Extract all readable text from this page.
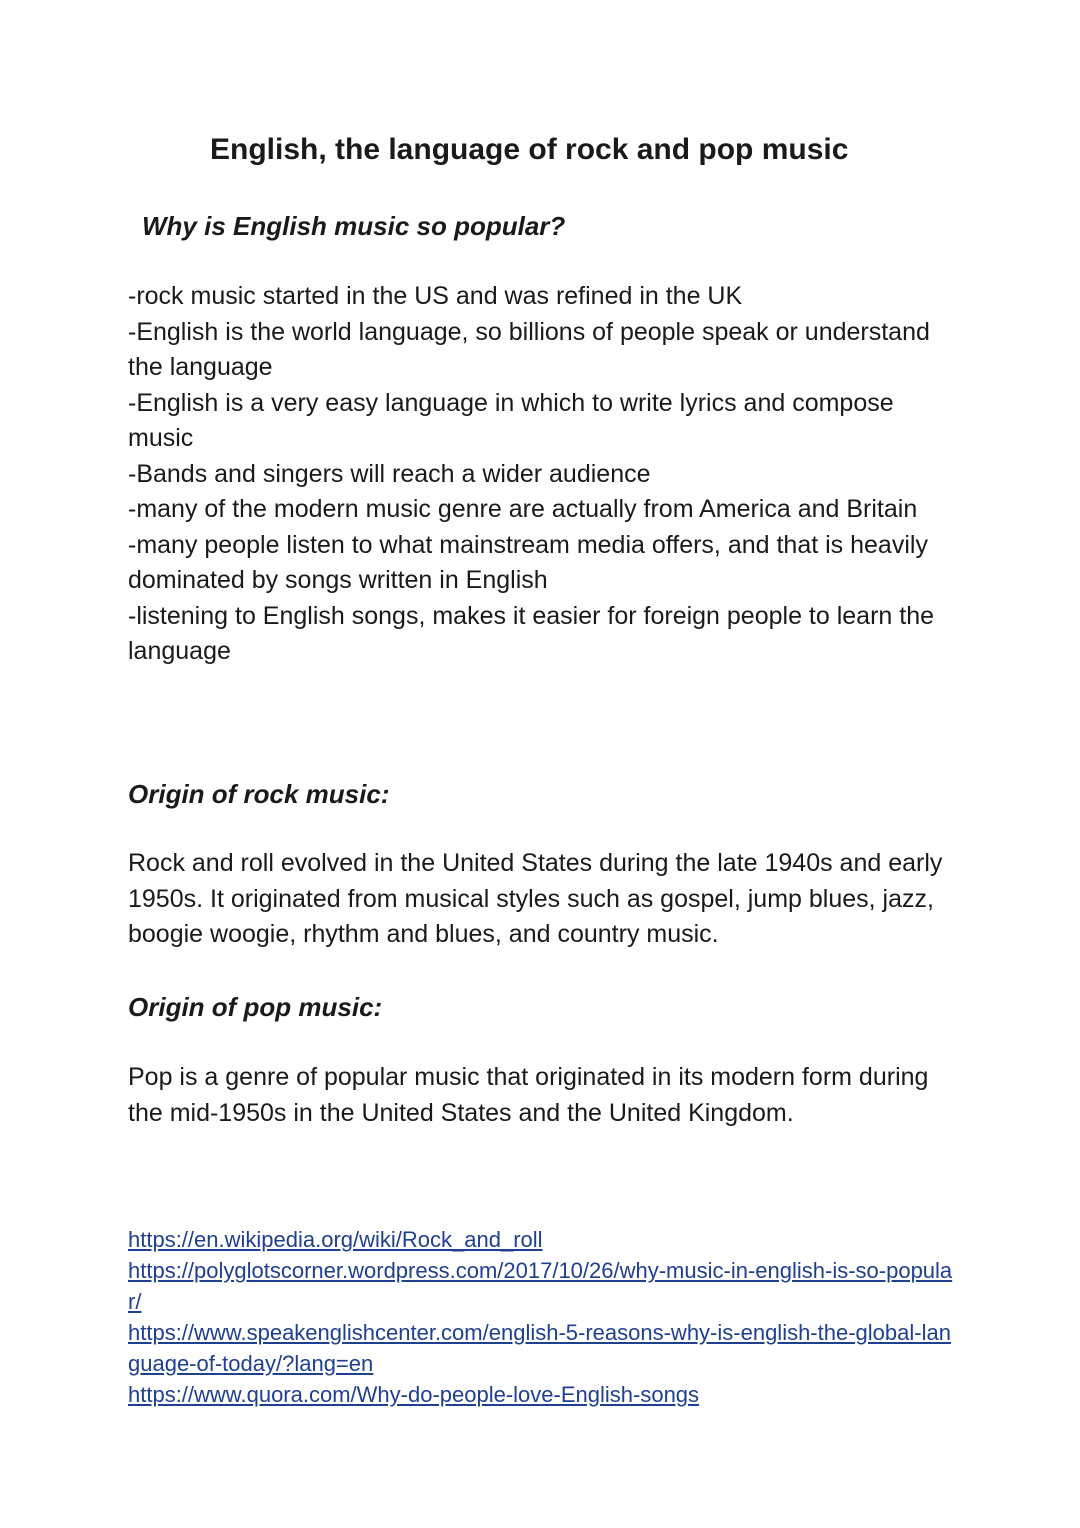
English, the language of rock and pop music
Why is English music so popular?
-rock music started in the US and was refined in the UK
-English is the world language, so billions of people speak or understand the language
-English is a very easy language in which to write lyrics and compose music
-Bands and singers will reach a wider audience
-many of the modern music genre are actually from America and Britain
-many people listen to what mainstream media offers, and that is heavily dominated by songs written in English
-listening to English songs, makes it easier for foreign people to learn the language
Origin of rock music:

Rock and roll evolved in the United States during the late 1940s and early 1950s. It originated from musical styles such as gospel, jump blues, jazz, boogie woogie, rhythm and blues, and country music.

Origin of pop music:

Pop is a genre of popular music that originated in its modern form during the mid-1950s in the United States and the United Kingdom.

https://en.wikipedia.org/wiki/Rock_and_roll
https://polyglotscorner.wordpress.com/2017/10/26/why-music-in-english-is-so-popular/
https://www.speakenglishcenter.com/english-5-reasons-why-is-english-the-global-language-of-today/?lang=en
https://www.quora.com/Why-do-people-love-English-songs
